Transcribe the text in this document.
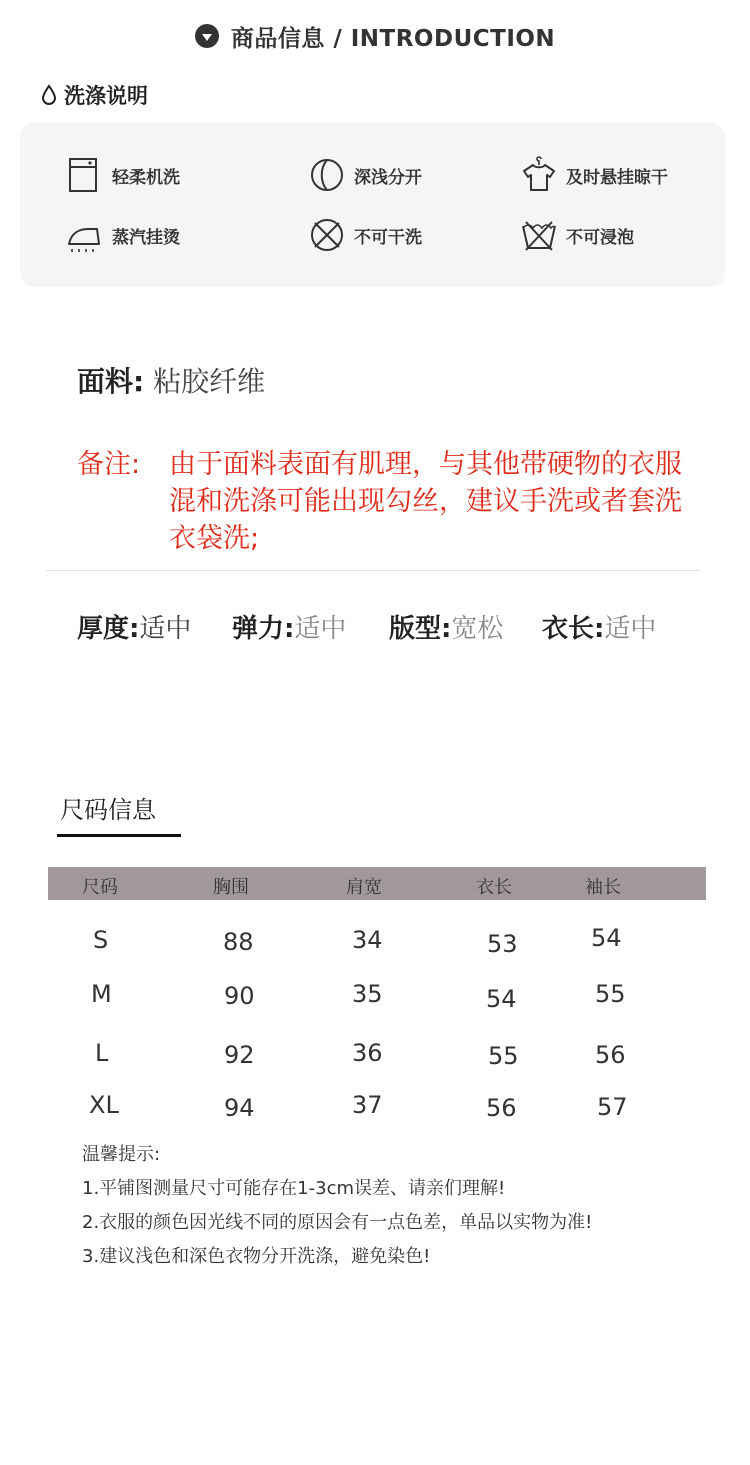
商品信息 / INTRODUCTION
洗涤说明
轻柔机洗	深浅分开	及时悬挂晾干
蒸汽挂烫	不可干洗	不可浸泡
面料: 粘胶纤维
备注:	由于面料表面有肌理，与其他带硬物的衣服混和洗涤可能出现勾丝，建议手洗或者套洗衣袋洗;
厚度: 适中 弹力: 适中 版型: 宽松 衣长: 适中
尺码信息
尺码	胸围	肩宽	衣长	袖长
S	88	34	53	54
M	90	35	54	55
L	92	36	55	56
XL	94	37	56	57
温馨提示:
1.平铺图测量尺寸可能存在1-3cm误差、请亲们理解!
2.衣服的颜色因光线不同的原因会有一点色差，单品以实物为准!
3.建议浅色和深色衣物分开洗涤，避免染色!
